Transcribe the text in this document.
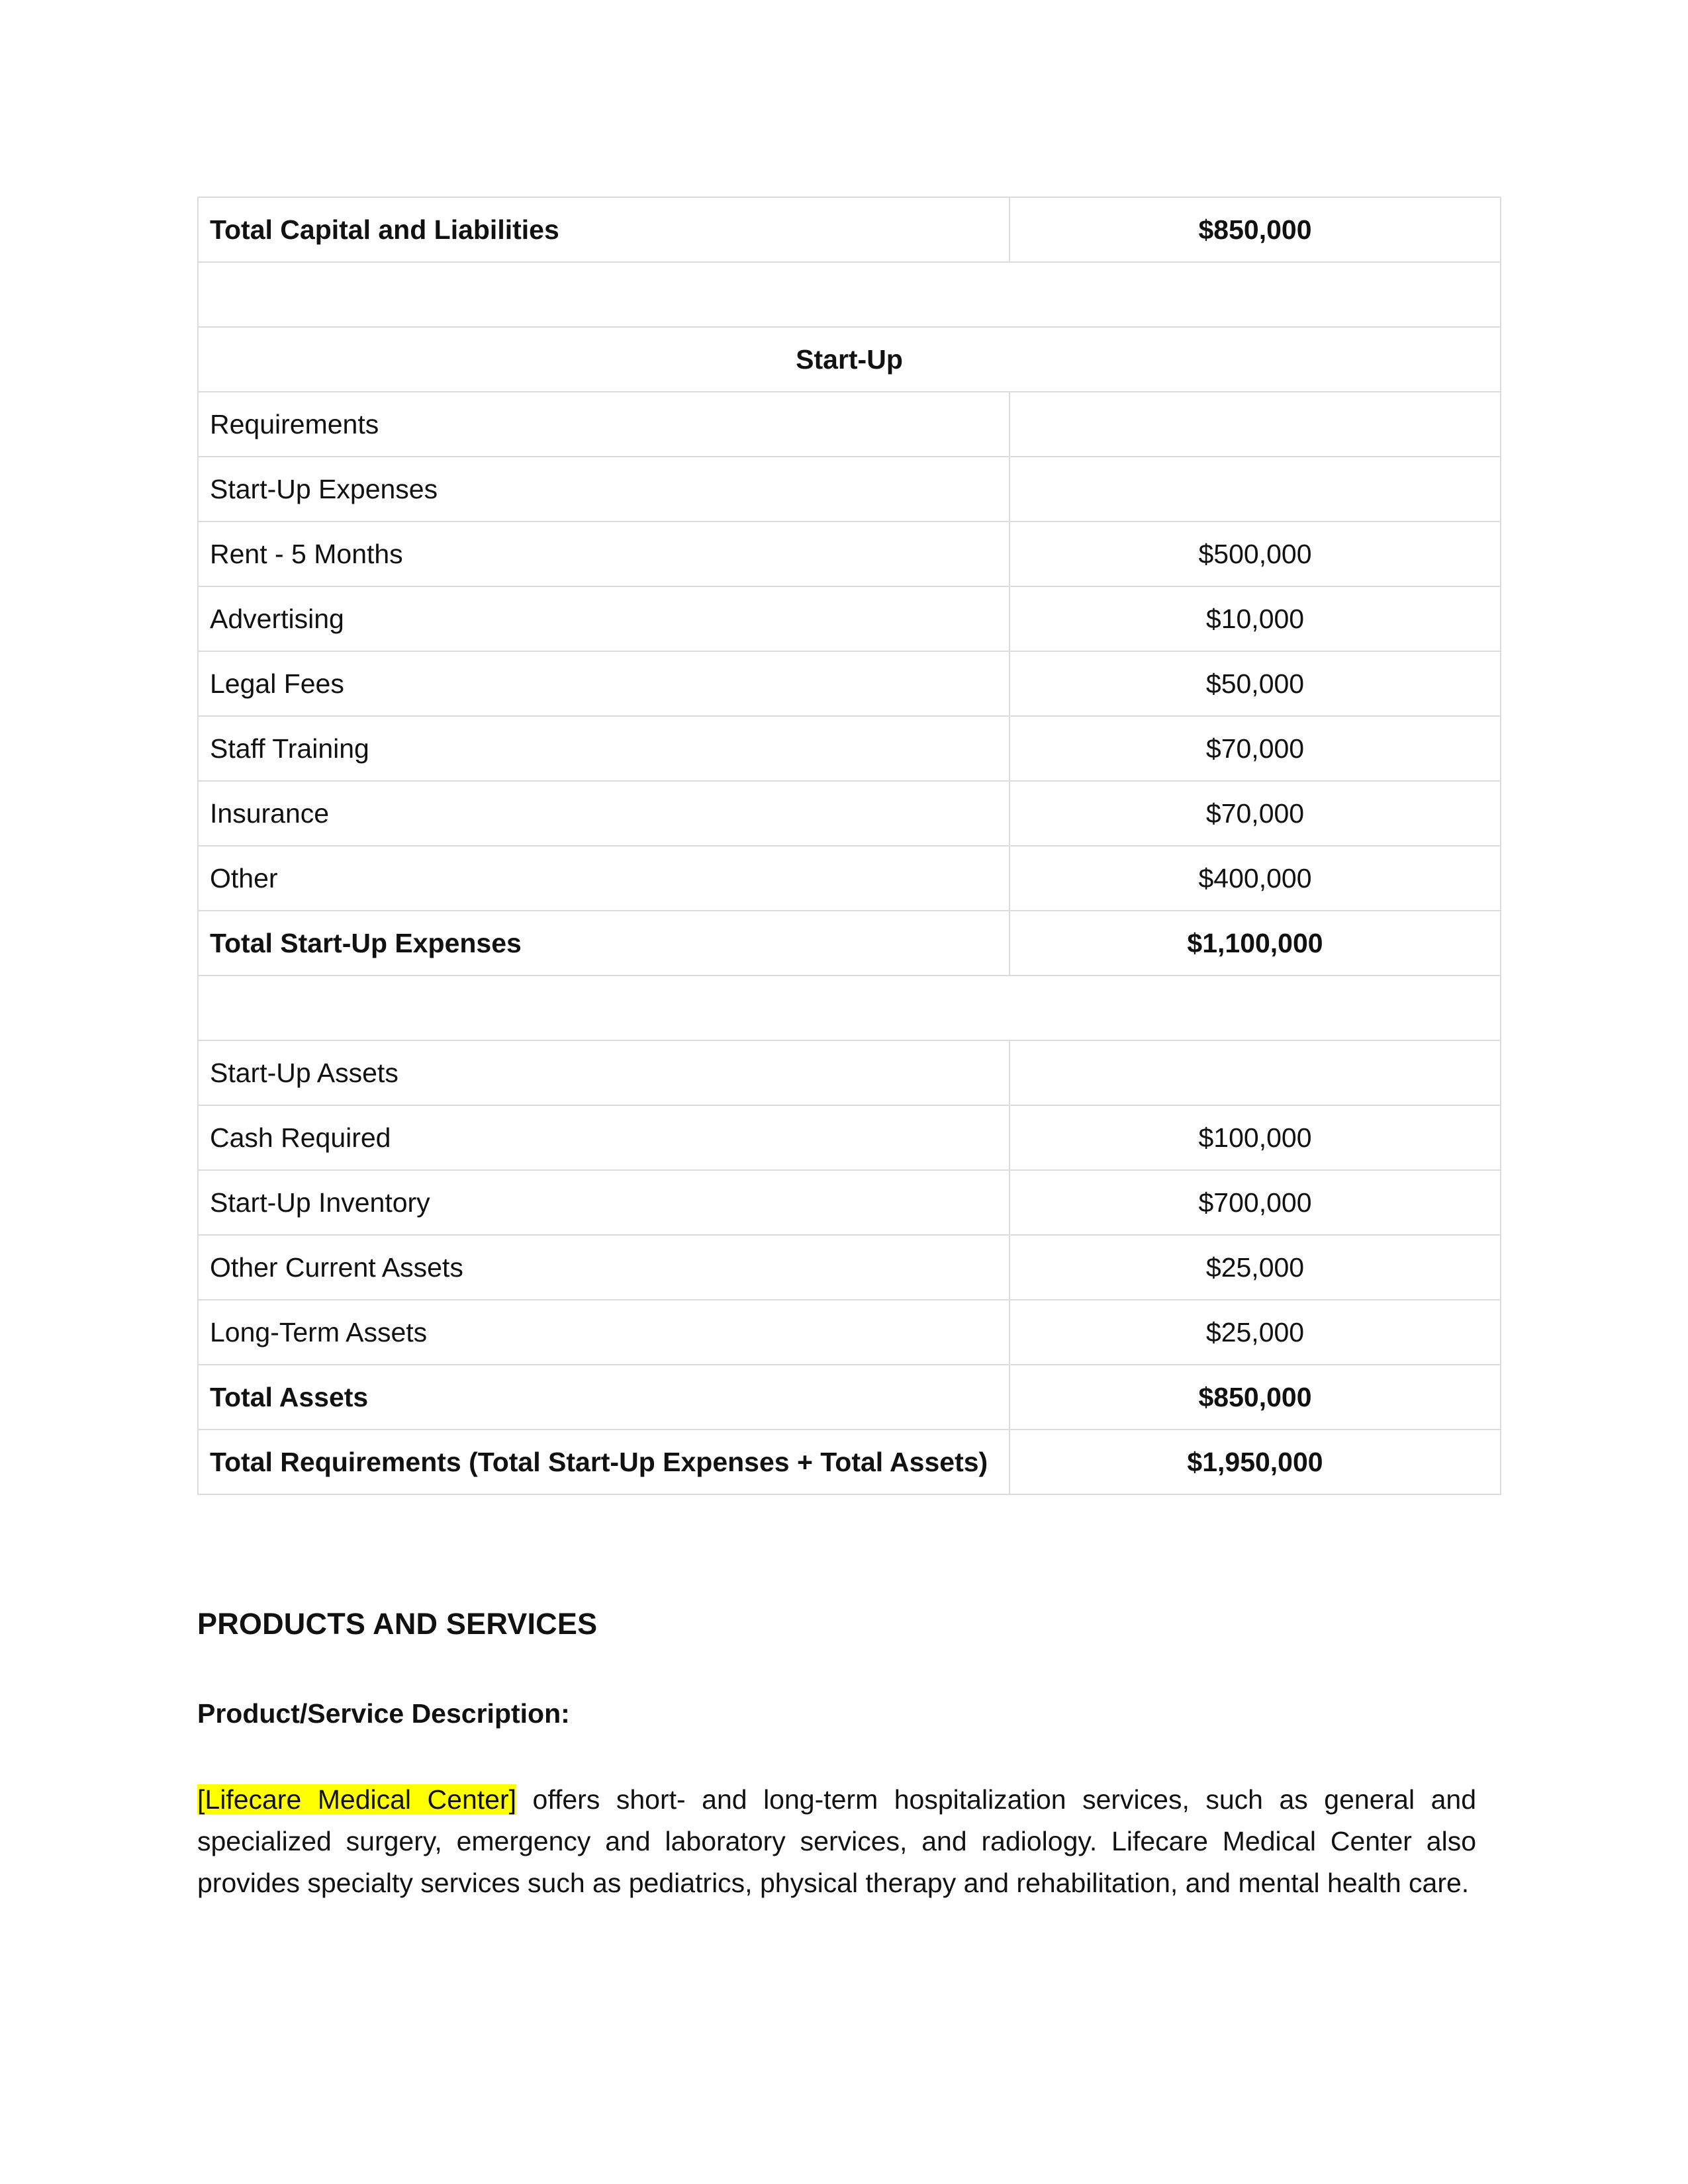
Total Capital and Liabilities	$850,000

Start-Up	
Requirements	
Start-Up Expenses	
Rent - 5 Months	$500,000
Advertising	$10,000
Legal Fees	$50,000
Staff Training	$70,000
Insurance	$70,000
Other	$400,000
Total Start-Up Expenses	$1,100,000

Start-Up Assets	
Cash Required	$100,000
Start-Up Inventory	$700,000
Other Current Assets	$25,000
Long-Term Assets	$25,000
Total Assets	$850,000
Total Requirements (Total Start-Up Expenses + Total Assets)	$1,950,000
PRODUCTS AND SERVICES
Product/Service Description:

[Lifecare Medical Center] offers short- and long-term hospitalization services, such as general and specialized surgery, emergency and laboratory services, and radiology. Lifecare Medical Center also provides specialty services such as pediatrics, physical therapy and rehabilitation, and mental health care.
